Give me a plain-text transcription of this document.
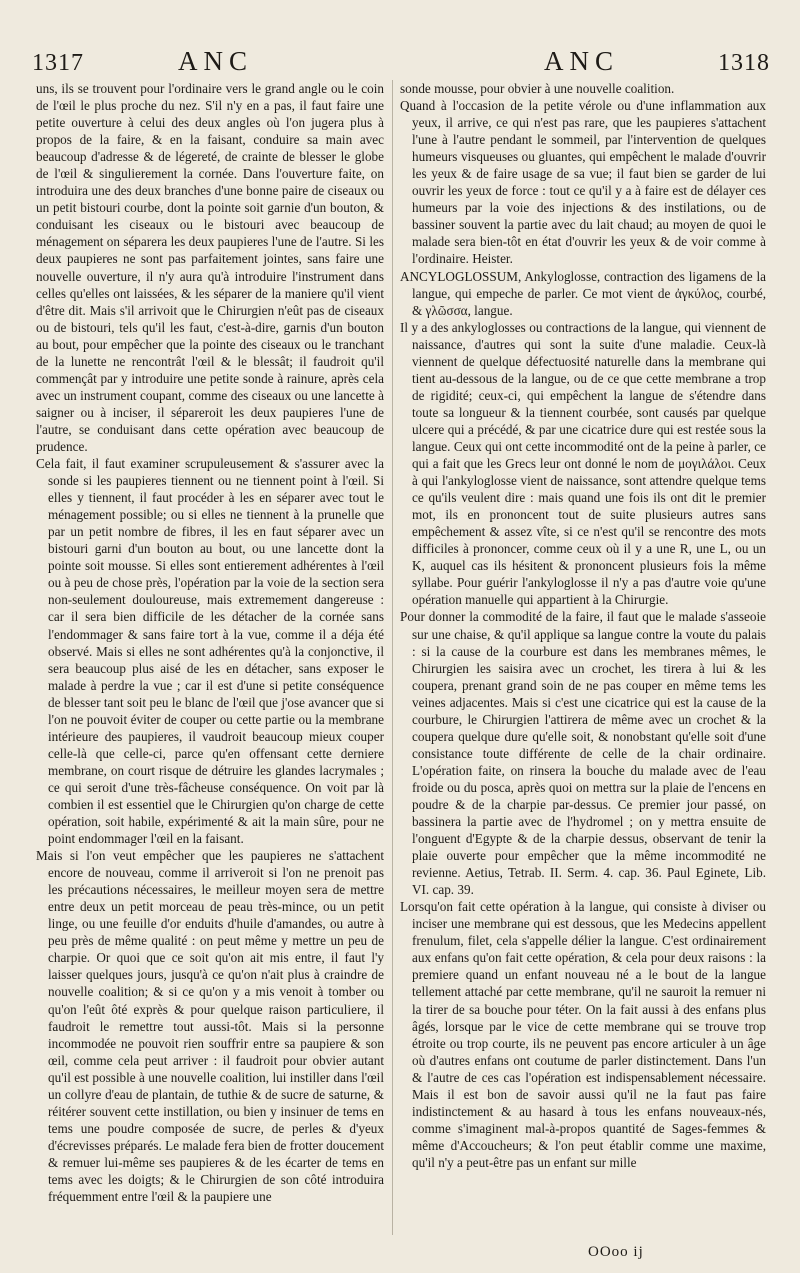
1317	ANC	ANC	1318

uns, ils se trouvent pour l'ordinaire vers le grand angle ou le coin de l'œil le plus proche du nez. S'il n'y en a pas, il faut faire une petite ouverture à celui des deux angles où l'on jugera plus à propos de la faire, & en la faisant, conduire sa main avec beaucoup d'adresse & de légereté, de crainte de blesser le globe de l'œil & singulierement la cornée. Dans l'ouverture faite, on introduira une des deux branches d'une bonne paire de ciseaux ou un petit bistouri courbe, dont la pointe soit garnie d'un bouton, & conduisant les ciseaux ou le bistouri avec beaucoup de ménagement on séparera les deux paupieres l'une de l'autre. Si les deux paupieres ne sont pas parfaitement jointes, sans faire une nouvelle ouverture, il n'y aura qu'à introduire l'instrument dans celles qu'elles ont laissées, & les séparer de la maniere qu'il vient d'être dit. Mais s'il arrivoit que le Chirurgien n'eût pas de ciseaux ou de bistouri, tels qu'il les faut, c'est-à-dire, garnis d'un bouton au bout, pour empêcher que la pointe des ciseaux ou le tranchant de la lunette ne rencontrât l'œil & le blessât; il faudroit qu'il commençât par y introduire une petite sonde à rainure, après cela avec un instrument coupant, comme des ciseaux ou une lancette à saigner ou à inciser, il sépareroit les deux paupieres l'une de l'autre, se conduisant dans cette opération avec beaucoup de prudence.

Cela fait, il faut examiner scrupuleusement & s'assurer avec la sonde si les paupieres tiennent ou ne tiennent point à l'œil. Si elles y tiennent, il faut procéder à les en séparer avec tout le ménagement possible; ou si elles ne tiennent à la prunelle que par un petit nombre de fibres, il les en faut séparer avec un bistouri garni d'un bouton au bout, ou une lancette dont la pointe soit mousse. Si elles sont entierement adhérentes à l'œil ou à peu de chose près, l'opération par la voie de la section sera non-seulement douloureuse, mais extremement dangereuse : car il sera bien difficile de les détacher de la cornée sans l'endommager & sans faire tort à la vue, comme il a déja été observé. Mais si elles ne sont adhérentes qu'à la conjonctive, il sera beaucoup plus aisé de les en détacher, sans exposer le malade à perdre la vue ; car il est d'une si petite conséquence de blesser tant soit peu le blanc de l'œil que j'ose avancer que si l'on ne pouvoit éviter de couper ou cette partie ou la membrane intérieure des paupieres, il vaudroit beaucoup mieux couper celle-là que celle-ci, parce qu'en offensant cette derniere membrane, on court risque de détruire les glandes lacrymales ; ce qui seroit d'une très-fâcheuse conséquence. On voit par là combien il est essentiel que le Chirurgien qu'on charge de cette opération, soit habile, expérimenté & ait la main sûre, pour ne point endommager l'œil en la faisant.

Mais si l'on veut empêcher que les paupieres ne s'attachent encore de nouveau, comme il arriveroit si l'on ne prenoit pas les précautions nécessaires, le meilleur moyen sera de mettre entre deux un petit morceau de peau très-mince, ou un petit linge, ou une feuille d'or enduits d'huile d'amandes, ou autre à peu près de même qualité : on peut même y mettre un peu de charpie. Or quoi que ce soit qu'on ait mis entre, il faut l'y laisser quelques jours, jusqu'à ce qu'on n'ait plus à craindre de nouvelle coalition; & si ce qu'on y a mis venoit à tomber ou qu'on l'eût ôté exprès & pour quelque raison particuliere, il faudroit le remettre tout aussi-tôt. Mais si la personne incommodée ne pouvoit rien souffrir entre sa paupiere & son œil, comme cela peut arriver : il faudroit pour obvier autant qu'il est possible à une nouvelle coalition, lui instiller dans l'œil un collyre d'eau de plantain, de tuthie & de sucre de saturne, & réitérer souvent cette instillation, ou bien y insinuer de tems en tems une poudre composée de sucre, de perles & d'yeux d'écrevisses préparés. Le malade fera bien de frotter doucement & remuer lui-même ses paupieres & de les écarter de tems en tems avec les doigts; & le Chirurgien de son côté introduira fréquemment entre l'œil & la paupiere une

sonde mousse, pour obvier à une nouvelle coalition.

Quand à l'occasion de la petite vérole ou d'une inflammation aux yeux, il arrive, ce qui n'est pas rare, que les paupieres s'attachent l'une à l'autre pendant le sommeil, par l'intervention de quelques humeurs visqueuses ou gluantes, qui empêchent le malade d'ouvrir les yeux & de faire usage de sa vue; il faut bien se garder de lui ouvrir les yeux de force : tout ce qu'il y a à faire est de délayer ces humeurs par la voie des injections & des instilations, ou de bassiner souvent la partie avec du lait chaud; au moyen de quoi le malade sera bien-tôt en état d'ouvrir les yeux & de voir comme à l'ordinaire. Heister.

ANCYLOGLOSSUM, Ankyloglosse, contraction des ligamens de la langue, qui empeche de parler. Ce mot vient de ἀγκύλος, courbé, & γλῶσσα, langue.

Il y a des ankyloglosses ou contractions de la langue, qui viennent de naissance, d'autres qui sont la suite d'une maladie. Ceux-là viennent de quelque défectuosité naturelle dans la membrane qui tient au-dessous de la langue, ou de ce que cette membrane a trop de rigidité; ceux-ci, qui empêchent la langue de s'étendre dans toute sa longueur & la tiennent courbée, sont causés par quelque ulcere qui a précédé, & par une cicatrice dure qui est restée sous la langue. Ceux qui ont cette incommodité ont de la peine à parler, ce qui a fait que les Grecs leur ont donné le nom de μογιλάλοι. Ceux à qui l'ankyloglosse vient de naissance, sont attendre quelque tems ce qu'ils veulent dire : mais quand une fois ils ont dit le premier mot, ils en prononcent tout de suite plusieurs autres sans empêchement & assez vîte, si ce n'est qu'il se rencontre des mots difficiles à prononcer, comme ceux où il y a une R, une L, ou un K, auquel cas ils hésitent & prononcent plusieurs fois la même syllabe. Pour guérir l'ankyloglosse il n'y a pas d'autre voie qu'une opération manuelle qui appartient à la Chirurgie.

Pour donner la commodité de la faire, il faut que le malade s'asseoie sur une chaise, & qu'il applique sa langue contre la voute du palais : si la cause de la courbure est dans les membranes mêmes, le Chirurgien les saisira avec un crochet, les tirera à lui & les coupera, prenant grand soin de ne pas couper en même tems les veines adjacentes. Mais si c'est une cicatrice qui est la cause de la courbure, le Chirurgien l'attirera de même avec un crochet & la coupera quelque dure qu'elle soit, & nonobstant qu'elle soit d'une consistance toute différente de celle de la chair ordinaire. L'opération faite, on rinsera la bouche du malade avec de l'eau froide ou du posca, après quoi on mettra sur la plaie de l'encens en poudre & de la charpie par-dessus. Ce premier jour passé, on bassinera la partie avec de l'hydromel ; on y mettra ensuite de l'onguent d'Egypte & de la charpie dessus, observant de tenir la plaie ouverte pour empêcher que la même incommodité ne revienne. Aetius, Tetrab. II. Serm. 4. cap. 36. Paul Eginete, Lib. VI. cap. 39.

Lorsqu'on fait cette opération à la langue, qui consiste à diviser ou inciser une membrane qui est dessous, que les Medecins appellent frenulum, filet, cela s'appelle délier la langue. C'est ordinairement aux enfans qu'on fait cette opération, & cela pour deux raisons : la premiere quand un enfant nouveau né a le bout de la langue tellement attaché par cette membrane, qu'il ne sauroit la remuer ni la tirer de sa bouche pour téter. On la fait aussi à des enfans plus âgés, lorsque par le vice de cette membrane qui se trouve trop étroite ou trop courte, ils ne peuvent pas encore articuler à un âge où d'autres enfans ont coutume de parler distinctement. Dans l'un & l'autre de ces cas l'opération est indispensablement nécessaire. Mais il est bon de savoir aussi qu'il ne la faut pas faire indistinctement & au hasard à tous les enfans nouveaux-nés, comme s'imaginent mal-à-propos quantité de Sages-femmes & même d'Accoucheurs; & l'on peut établir comme une maxime, qu'il n'y a peut-être pas un enfant sur mille

OOoo ij
